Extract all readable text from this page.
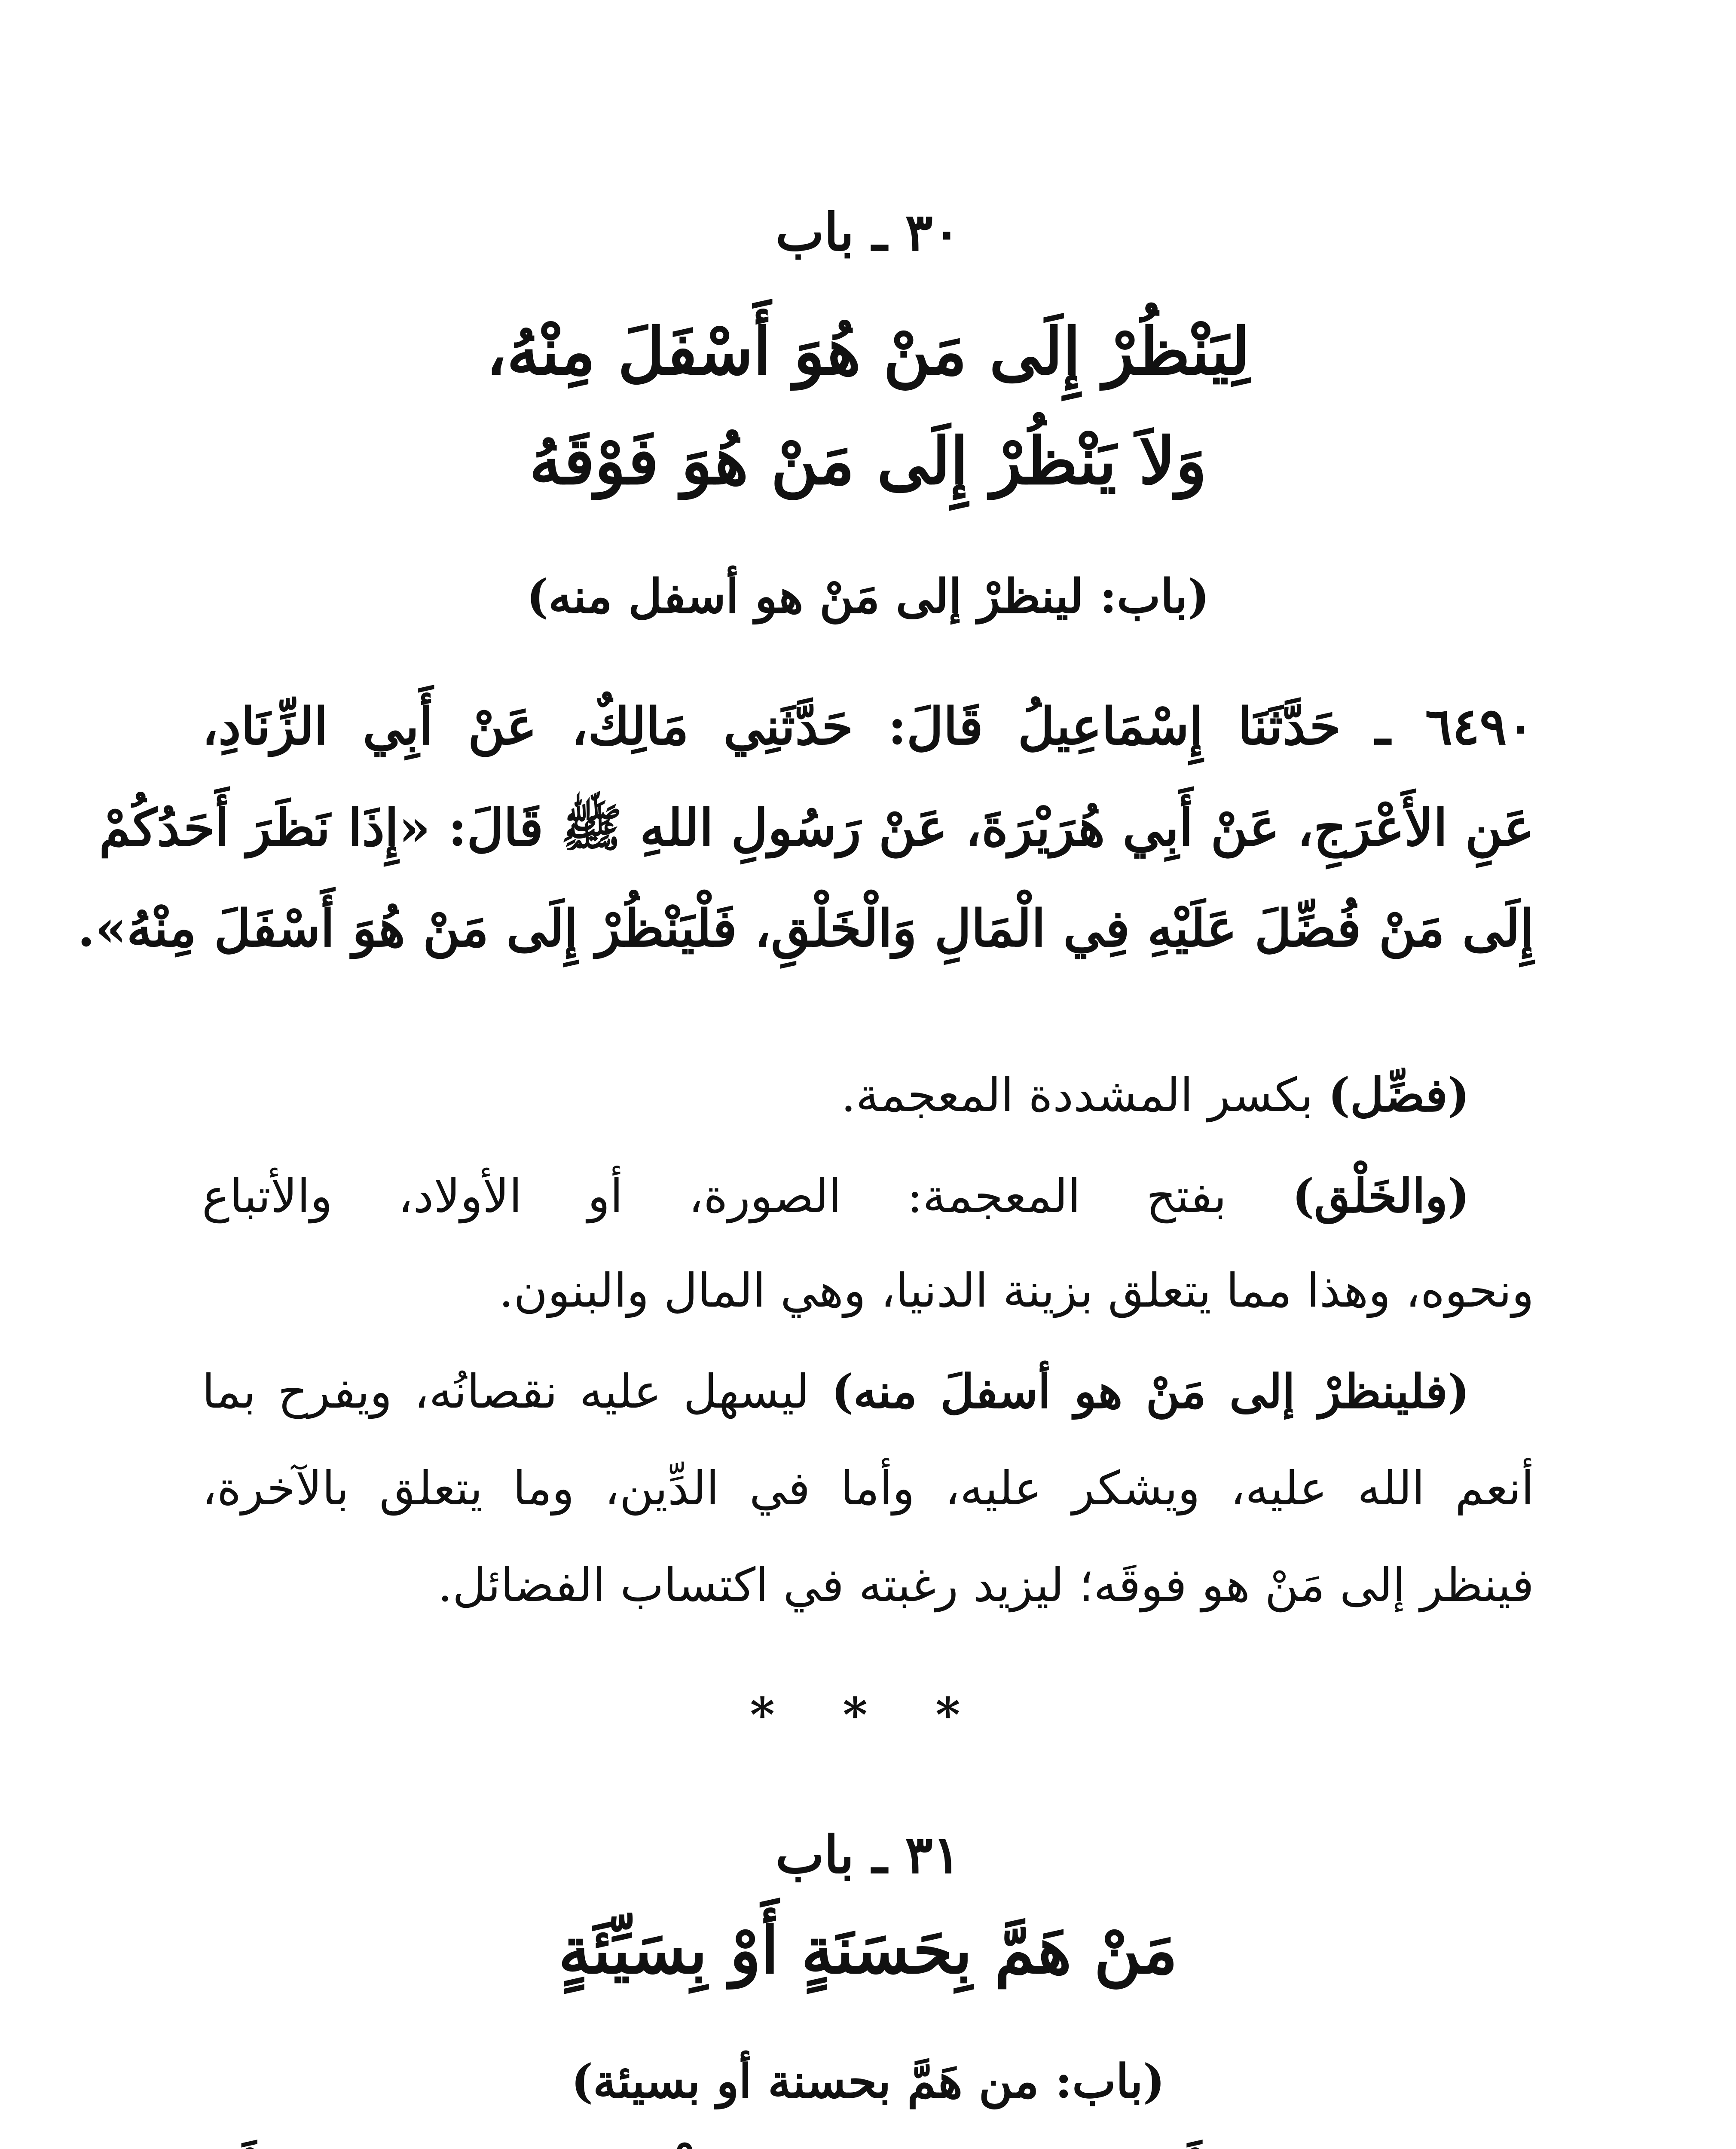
٣٠ ـ باب
لِيَنْظُرْ إِلَى مَنْ هُوَ أَسْفَلَ مِنْهُ،
وَلاَ يَنْظُرْ إِلَى مَنْ هُوَ فَوْقَهُ
(باب: لينظرْ إلى مَنْ هو أسفل منه)
٦٤٩٠ ـ حَدَّثَنَا إِسْمَاعِيلُ قَالَ: حَدَّثَنِي مَالِكٌ، عَنْ أَبِي الزِّنَادِ،
عَنِ الأَعْرَجِ، عَنْ أَبِي هُرَيْرَةَ، عَنْ رَسُولِ اللهِ ﷺ قَالَ: «إِذَا نَظَرَ أَحَدُكُمْ
إِلَى مَنْ فُضِّلَ عَلَيْهِ فِي الْمَالِ وَالْخَلْقِ، فَلْيَنْظُرْ إِلَى مَنْ هُوَ أَسْفَلَ مِنْهُ».
(فضِّل) بكسر المشددة المعجمة.
(والخَلْق) بفتح المعجمة: الصورة، أو الأولاد، والأتباع
ونحوه، وهذا مما يتعلق بزينة الدنيا، وهي المال والبنون.
(فلينظرْ إلى مَنْ هو أسفلَ منه) ليسهل عليه نقصانُه، ويفرح بما
أنعم الله عليه، ويشكر عليه، وأما في الدِّين، وما يتعلق بالآخرة،
فينظر إلى مَنْ هو فوقَه؛ ليزيد رغبته في اكتساب الفضائل.
* * *
٣١ ـ باب
مَنْ هَمَّ بِحَسَنَةٍ أَوْ بِسَيِّئَةٍ
(باب: من هَمَّ بحسنة أو بسيئة)
